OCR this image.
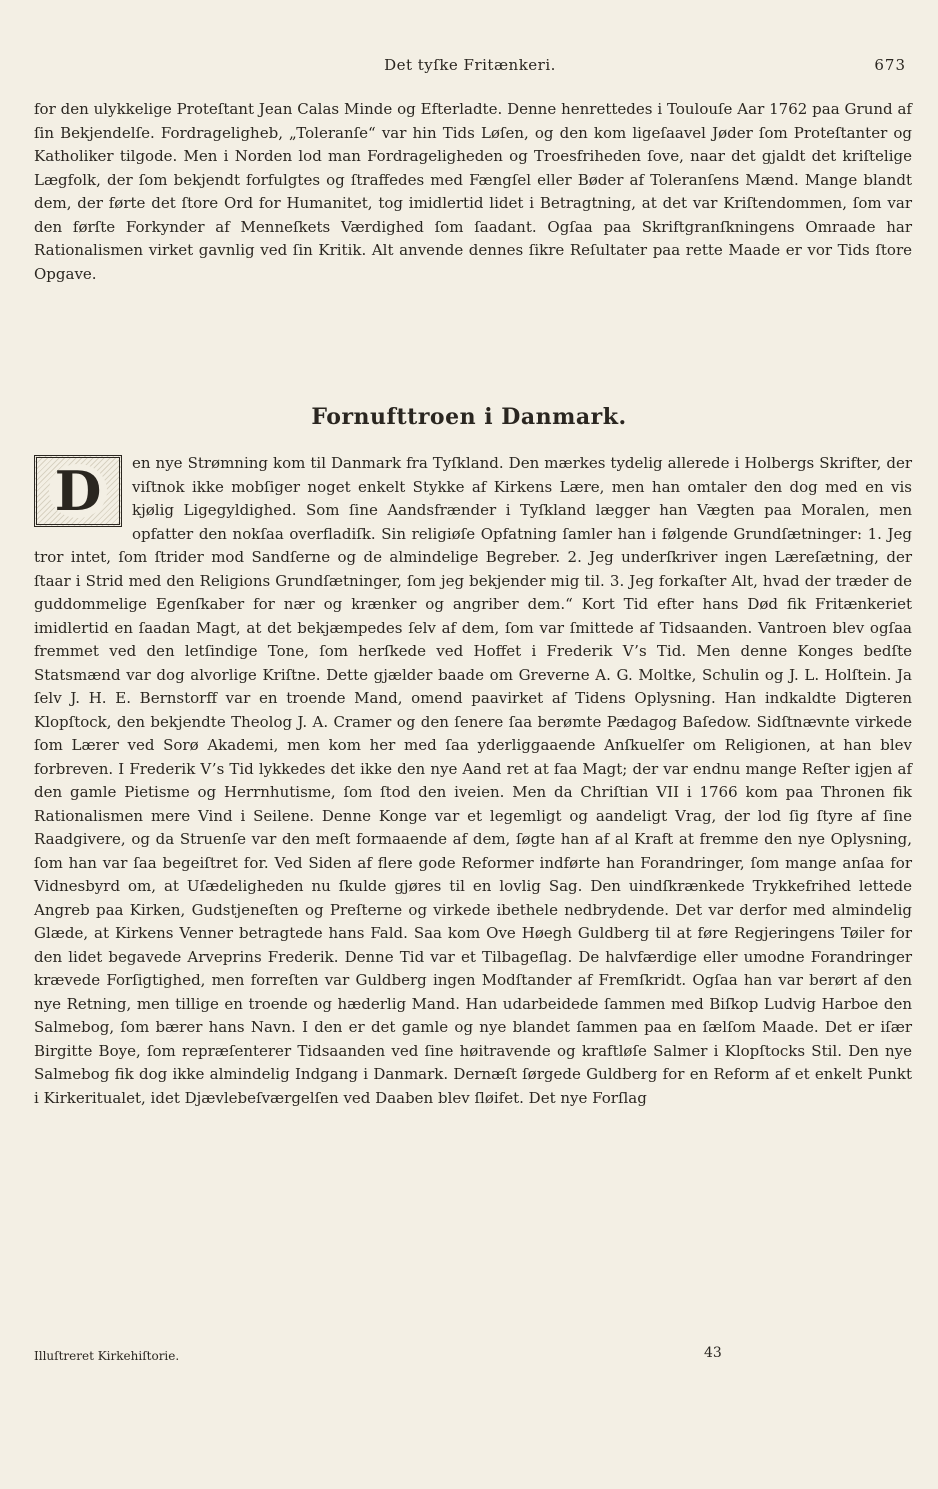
Det tyſke Fritænkeri.	673

for den ulykkelige Proteſtant Jean Calas Minde og Efterladte. Denne henrettedes i Toulouſe Aar 1762 paa Grund af ſin Bekjendelſe. Fordrageligheb, „Toleranſe“ var hin Tids Løſen, og den kom ligeſaavel Jøder ſom Proteſtanter og Katholiker tilgode. Men i Norden lod man Fordrageligheden og Troesfriheden ſove, naar det gjaldt det kriſtelige Lægfolk, der ſom bekjendt forfulgtes og ſtraffedes med Fængſel eller Bøder af Toleranſens Mænd. Mange blandt dem, der førte det ſtore Ord for Humanitet, tog imidlertid lidet i Betragtning, at det var Kriſtendommen, ſom var den førſte Forkynder af Menneſkets Værdighed ſom ſaadant. Ogſaa paa Skriftgranſkningens Omraade har Rationalismen virket gavnlig ved ſin Kritik. Alt anvende dennes ſikre Reſultater paa rette Maade er vor Tids ſtore Opgave.

Fornufttroen i Danmark.
D	en nye Strømning kom til Danmark fra Tyſkland. Den mærkes tydelig allerede i Holbergs Skrifter, der viſtnok ikke mobſiger noget enkelt Stykke af Kirkens Lære, men han omtaler den dog med en vis kjølig Ligegyldighed. Som ſine Aandsfrænder i Tyſkland lægger han Vægten paa Moralen, men opfatter den nokſaa overfladiſk. Sin religiøſe Opfatning ſamler han i følgende Grundſætninger: 1. Jeg tror intet, ſom ſtrider mod Sandſerne og de almindelige Begreber. 2. Jeg underſkriver ingen Læreſætning, der ſtaar i Strid med den Religions Grundſætninger, ſom jeg bekjender mig til. 3. Jeg forkaſter Alt, hvad der træder de guddommelige Egenſkaber for nær og krænker og angriber dem.“ Kort Tid efter hans Død fik Fritænkeriet imidlertid en ſaadan Magt, at det bekjæmpedes ſelv af dem, ſom var ſmittede af Tidsaanden. Vantroen blev ogſaa fremmet ved den letſindige Tone, ſom herſkede ved Hoffet i Frederik V’s Tid. Men denne Konges bedſte Statsmænd var dog alvorlige Kriſtne. Dette gjælder baade om Greverne A. G. Moltke, Schulin og J. L. Holſtein. Ja ſelv J. H. E. Bernstorff var en troende Mand, omend paavirket af Tidens Oplysning. Han indkaldte Digteren Klopſtock, den bekjendte Theolog J. A. Cramer og den ſenere ſaa berømte Pædagog Baſedow. Sidſtnævnte virkede ſom Lærer ved Sorø Akademi, men kom her med ſaa yderliggaaende Anſkuelſer om Religionen, at han blev forbreven. I Frederik V’s Tid lykkedes det ikke den nye Aand ret at faa Magt; der var endnu mange Reſter igjen af den gamle Pietisme og Herrnhutisme, ſom ſtod den iveien. Men da Chriſtian VII i 1766 kom paa Thronen fik Rationalismen mere Vind i Seilene. Denne Konge var et legemligt og aandeligt Vrag, der lod ſig ſtyre af ſine Raadgivere, og da Struenſe var den meſt formaaende af dem, ſøgte han af al Kraft at fremme den nye Oplysning, ſom han var ſaa begeiſtret for. Ved Siden af flere gode Reformer indførte han Forandringer, ſom mange anſaa for Vidnesbyrd om, at Uſædeligheden nu ſkulde gjøres til en lovlig Sag. Den uindſkrænkede Trykkefrihed lettede Angreb paa Kirken, Gudstjeneſten og Preſterne og virkede ibethele nedbrydende. Det var derfor med almindelig Glæde, at Kirkens Venner betragtede hans Fald. Saa kom Ove Høegh Guldberg til at føre Regjeringens Tøiler for den lidet begavede Arveprins Frederik. Denne Tid var et Tilbageſlag. De halvfærdige eller umodne Forandringer krævede Forſigtighed, men forreſten var Guldberg ingen Modſtander af Fremſkridt. Ogſaa han var berørt af den nye Retning, men tillige en troende og hæderlig Mand. Han udarbeidede ſammen med Biſkop Ludvig Harboe den Salmebog, ſom bærer hans Navn. I den er det gamle og nye blandet ſammen paa en ſælſom Maade. Det er iſær Birgitte Boye, ſom repræſenterer Tidsaanden ved ſine høitravende og kraftløſe Salmer i Klopſtocks Stil. Den nye Salmebog fik dog ikke almindelig Indgang i Danmark. Dernæſt ſørgede Guldberg for en Reform af et enkelt Punkt i Kirkeritualet, idet Djævlebeſværgelſen ved Daaben blev ſløifet. Det nye Forſlag
Illuſtreret Kirkehiſtorie.	43
